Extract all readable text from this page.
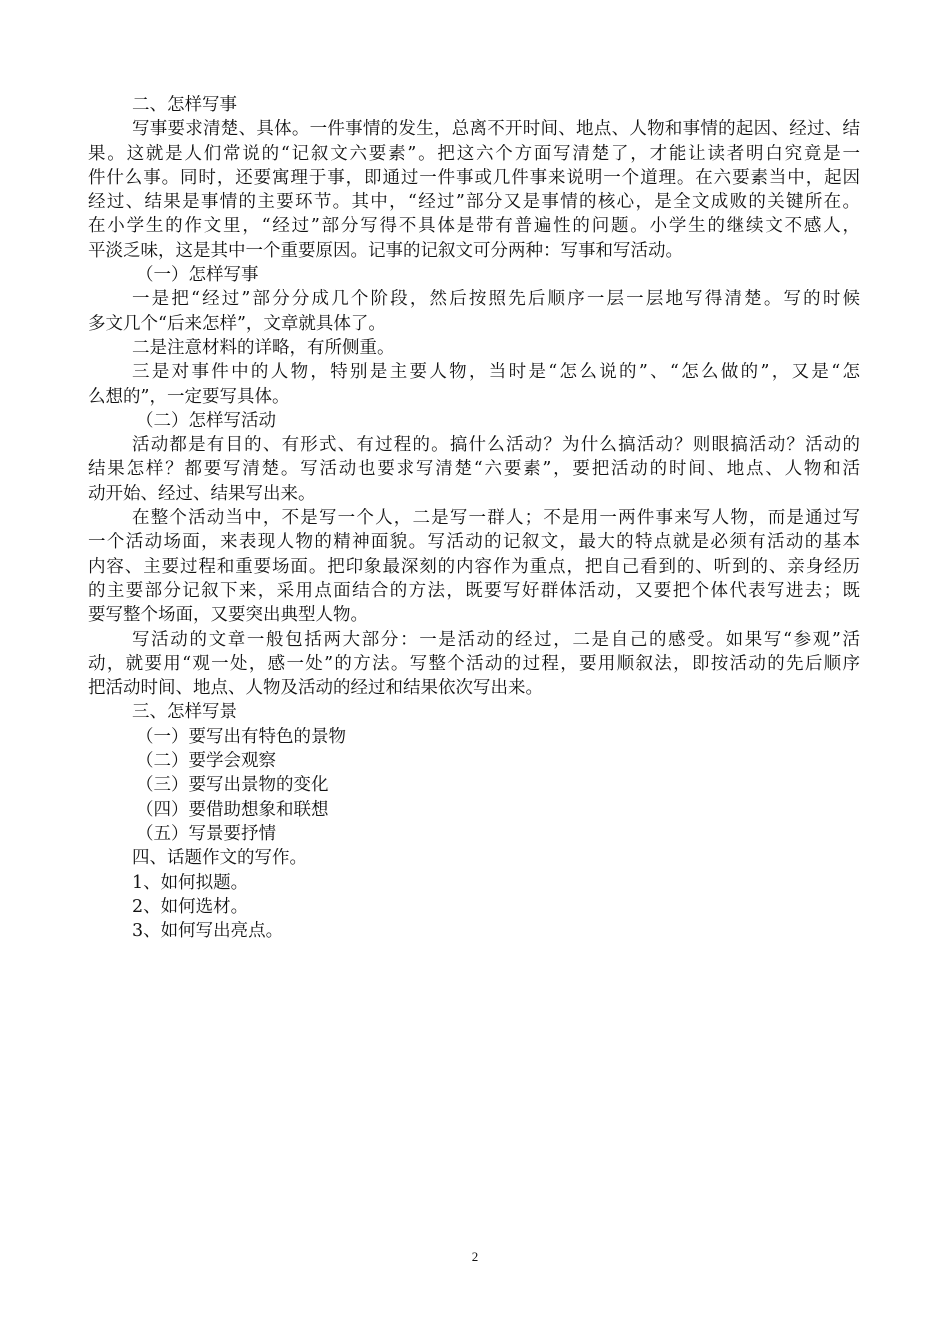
二、怎样写事
写事要求清楚、具体。一件事情的发生，总离不开时间、地点、人物和事情的起因、经过、结
果。这就是人们常说的“记叙文六要素”。把这六个方面写清楚了，才能让读者明白究竟是一
件什么事。同时，还要寓理于事，即通过一件事或几件事来说明一个道理。在六要素当中，起因
经过、结果是事情的主要环节。其中，“经过”部分又是事情的核心，是全文成败的关键所在。
在小学生的作文里，“经过”部分写得不具体是带有普遍性的问题。小学生的继续文不感人，
平淡乏味，这是其中一个重要原因。记事的记叙文可分两种：写事和写活动。
（一）怎样写事
一是把“经过”部分分成几个阶段，然后按照先后顺序一层一层地写得清楚。写的时候
多文几个“后来怎样”，文章就具体了。
二是注意材料的详略，有所侧重。
三是对事件中的人物，特别是主要人物，当时是“怎么说的”、“怎么做的”，又是“怎
么想的”，一定要写具体。
（二）怎样写活动
活动都是有目的、有形式、有过程的。搞什么活动？为什么搞活动？则眼搞活动？活动的
结果怎样？都要写清楚。写活动也要求写清楚“六要素”，要把活动的时间、地点、人物和活
动开始、经过、结果写出来。
在整个活动当中，不是写一个人，二是写一群人；不是用一两件事来写人物，而是通过写
一个活动场面，来表现人物的精神面貌。写活动的记叙文，最大的特点就是必须有活动的基本
内容、主要过程和重要场面。把印象最深刻的内容作为重点，把自己看到的、听到的、亲身经历
的主要部分记叙下来，采用点面结合的方法，既要写好群体活动，又要把个体代表写进去；既
要写整个场面，又要突出典型人物。
写活动的文章一般包括两大部分：一是活动的经过，二是自己的感受。如果写“参观”活
动，就要用“观一处，感一处”的方法。写整个活动的过程，要用顺叙法，即按活动的先后顺序
把活动时间、地点、人物及活动的经过和结果依次写出来。
三、怎样写景
（一）要写出有特色的景物
（二）要学会观察
（三）要写出景物的变化
（四）要借助想象和联想
（五）写景要抒情
四、话题作文的写作。
1、如何拟题。
2、如何选材。
3、如何写出亮点。
2
